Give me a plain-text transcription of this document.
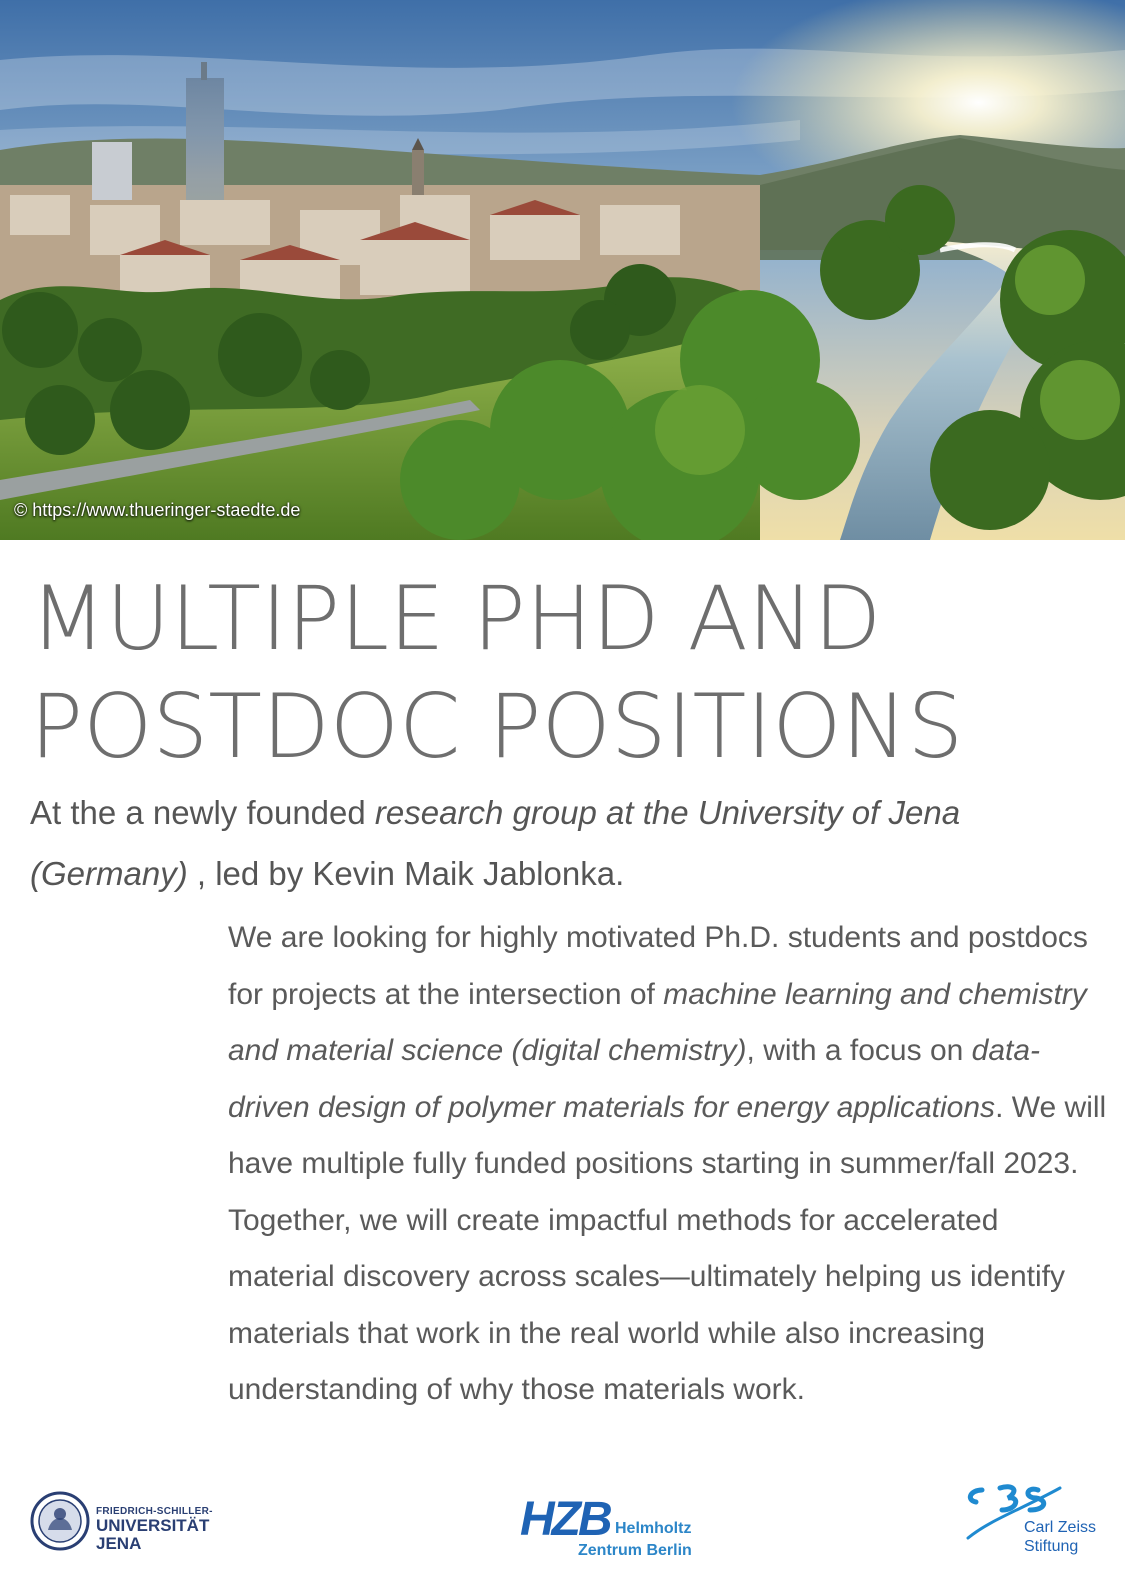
© https://www.thueringer-staedte.de
MULTIPLE PHD AND
POSTDOC POSITIONS
At the a newly founded research group at the University of Jena (Germany) , led by Kevin Maik Jablonka.
We are looking for highly motivated Ph.D. students and postdocs for projects at the intersection of machine learning and chemistry and material science (digital chemistry), with a focus on data-driven design of polymer materials for energy applications. We will have multiple fully funded positions starting in summer/fall 2023. Together, we will create impactful methods for accelerated material discovery across scales—ultimately helping us identify materials that work in the real world while also increasing understanding of why those materials work.
FRIEDRICH-SCHILLER-
UNIVERSITÄT
JENA	HZB Helmholtz
Zentrum Berlin
Carl Zeiss
Stiftung
